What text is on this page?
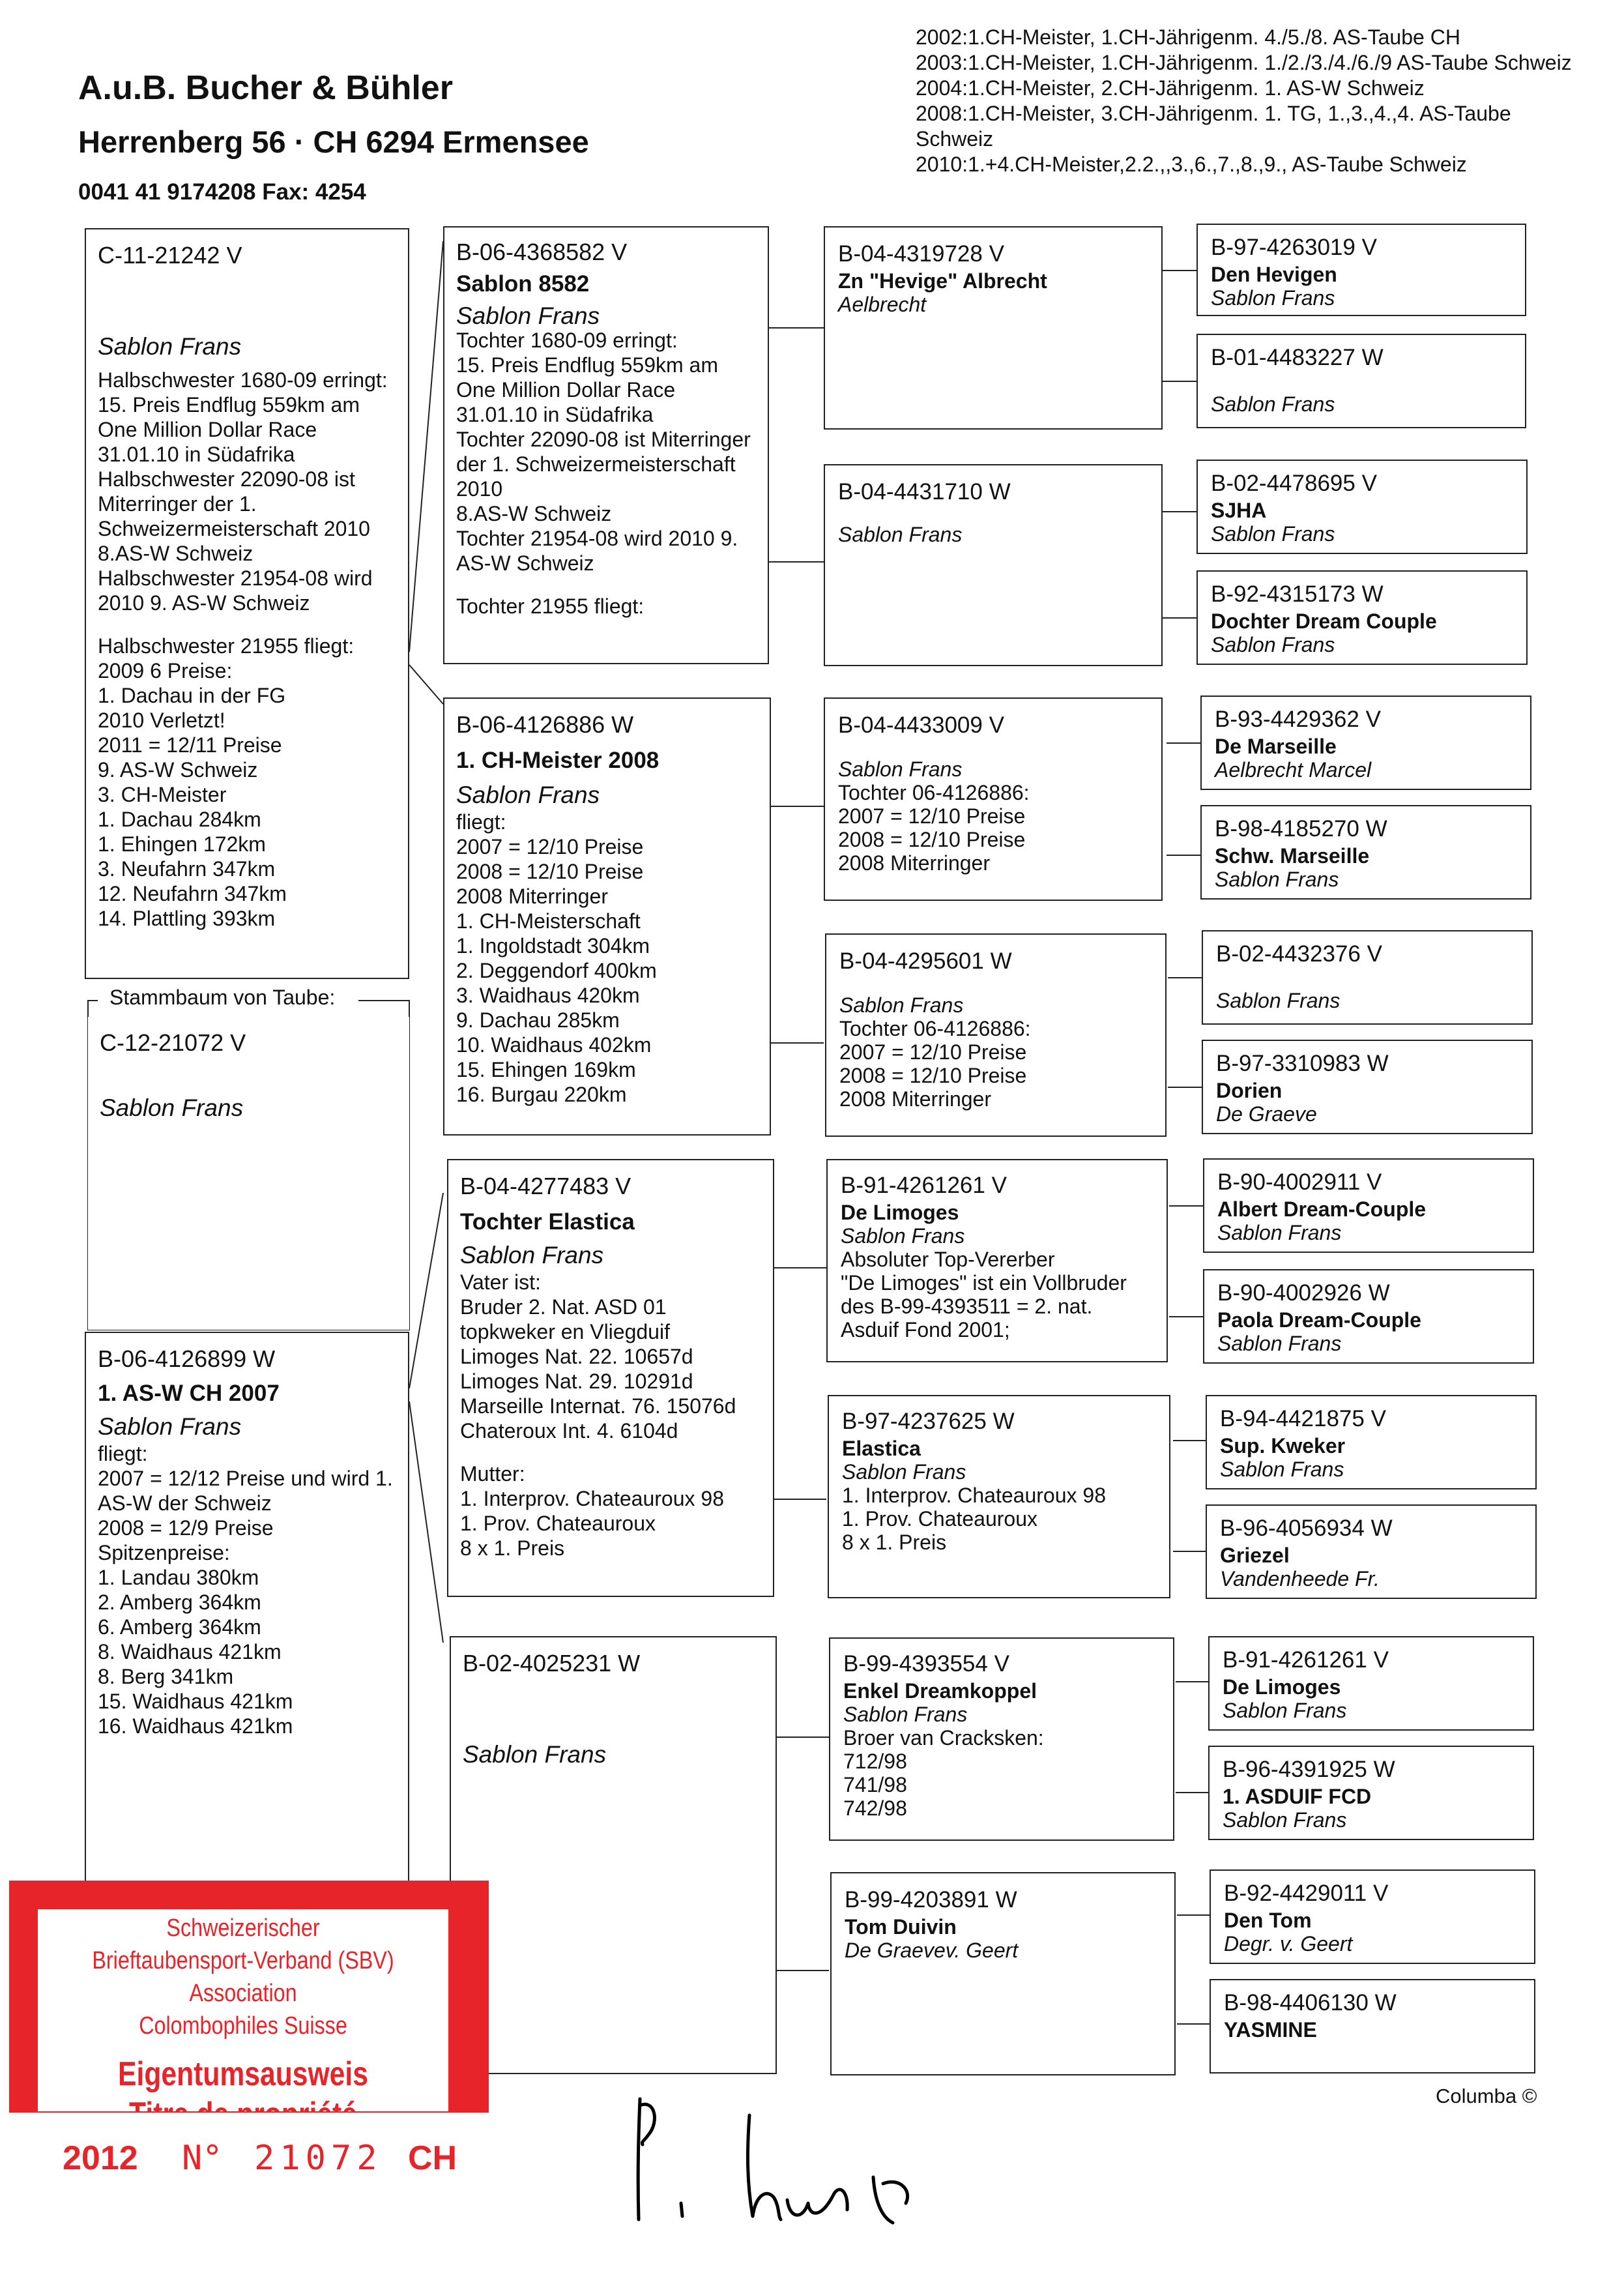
A.u.B. Bucher & Bühler
Herrenberg 56 · CH 6294 Ermensee
0041 41 9174208 Fax: 4254
2002:1.CH-Meister, 1.CH-Jährigenm. 4./5./8. AS-Taube CH
2003:1.CH-Meister, 1.CH-Jährigenm. 1./2./3./4./6./9 AS-Taube Schweiz
2004:1.CH-Meister, 2.CH-Jährigenm. 1. AS-W Schweiz
2008:1.CH-Meister, 3.CH-Jährigenm. 1. TG, 1.,3.,4.,4. AS-Taube Schweiz
2010:1.+4.CH-Meister,2.2.,,3.,6.,7.,8.,9., AS-Taube Schweiz
C-11-21242 V
Sablon Frans
Halbschwester 1680-09 erringt:
15. Preis Endflug 559km am
One Million Dollar Race
31.01.10 in Südafrika
Halbschwester 22090-08 ist
Miterringer der 1.
Schweizermeisterschaft 2010
8.AS-W Schweiz
Halbschwester 21954-08 wird
2010 9. AS-W Schweiz
Halbschwester 21955 fliegt:
2009 6 Preise:
1. Dachau in der FG
2010 Verletzt!
2011 = 12/11 Preise
9. AS-W Schweiz
3. CH-Meister
1. Dachau 284km
1. Ehingen 172km
3. Neufahrn 347km
12. Neufahrn 347km
14. Plattling 393km
Stammbaum von Taube:
C-12-21072 V
Sablon Frans
B-06-4126899 W
1. AS-W CH 2007
Sablon Frans
fliegt:
2007 = 12/12 Preise und wird 1. AS-W der Schweiz
2008 = 12/9 Preise
Spitzenpreise:
1. Landau 380km
2. Amberg 364km
6. Amberg 364km
8. Waidhaus 421km
8. Berg 341km
15. Waidhaus 421km
16. Waidhaus 421km
B-06-4368582 V
Sablon 8582
Sablon Frans
Tochter 1680-09 erringt:
15. Preis Endflug 559km am
One Million Dollar Race
31.01.10 in Südafrika
Tochter 22090-08 ist Miterringer
der 1. Schweizermeisterschaft
2010
8.AS-W Schweiz
Tochter 21954-08 wird 2010 9.
AS-W Schweiz
Tochter 21955 fliegt:
B-06-4126886 W
1. CH-Meister 2008
Sablon Frans
fliegt:
2007 = 12/10 Preise
2008 = 12/10 Preise
2008 Miterringer
1. CH-Meisterschaft
1. Ingoldstadt 304km
2. Deggendorf 400km
3. Waidhaus 420km
9. Dachau 285km
10. Waidhaus 402km
15. Ehingen 169km
16. Burgau 220km
B-04-4277483 V
Tochter Elastica
Sablon Frans
Vater ist:
Bruder 2. Nat. ASD 01
topkweker en Vliegduif
Limoges Nat. 22. 10657d
Limoges Nat. 29. 10291d
Marseille Internat. 76. 15076d
Chateroux Int. 4. 6104d
Mutter:
1. Interprov. Chateauroux 98
1. Prov. Chateauroux
8 x 1. Preis
B-02-4025231 W
Sablon Frans
B-04-4319728 V
Zn "Hevige" Albrecht
Aelbrecht
B-04-4431710 W
Sablon Frans
B-04-4433009 V
Sablon Frans
Tochter 06-4126886:
2007 = 12/10 Preise
2008 = 12/10 Preise
2008 Miterringer
B-04-4295601 W
Sablon Frans
Tochter 06-4126886:
2007 = 12/10 Preise
2008 = 12/10 Preise
2008 Miterringer
B-91-4261261 V
De Limoges
Sablon Frans
Absoluter Top-Vererber
"De Limoges" ist ein Vollbruder
des B-99-4393511 = 2. nat.
Asduif Fond 2001;
B-97-4237625 W
Elastica
Sablon Frans
1. Interprov. Chateauroux 98
1. Prov. Chateauroux
8 x 1. Preis
B-99-4393554 V
Enkel Dreamkoppel
Sablon Frans
Broer van Cracksken:
712/98
741/98
742/98
B-99-4203891 W
Tom Duivin
De Graevev. Geert
B-97-4263019 V
Den Hevigen
Sablon Frans
B-01-4483227 W
Sablon Frans
B-02-4478695 V
SJHA
Sablon Frans
B-92-4315173 W
Dochter Dream Couple
Sablon Frans
B-93-4429362 V
De Marseille
Aelbrecht Marcel
B-98-4185270 W
Schw. Marseille
Sablon Frans
B-02-4432376 V
Sablon Frans
B-97-3310983 W
Dorien
De Graeve
B-90-4002911 V
Albert Dream-Couple
Sablon Frans
B-90-4002926 W
Paola Dream-Couple
Sablon Frans
B-94-4421875 V
Sup. Kweker
Sablon Frans
B-96-4056934 W
Griezel
Vandenheede Fr.
B-91-4261261 V
De Limoges
Sablon Frans
B-96-4391925 W
1. ASDUIF FCD
Sablon Frans
B-92-4429011 V
Den Tom
Degr. v. Geert
B-98-4406130 W
YASMINE
Schweizerischer
Brieftaubensport-Verband (SBV)
Association
Colombophiles Suisse
Eigentumsausweis
2012 N° 21072 CH
Columba ©
